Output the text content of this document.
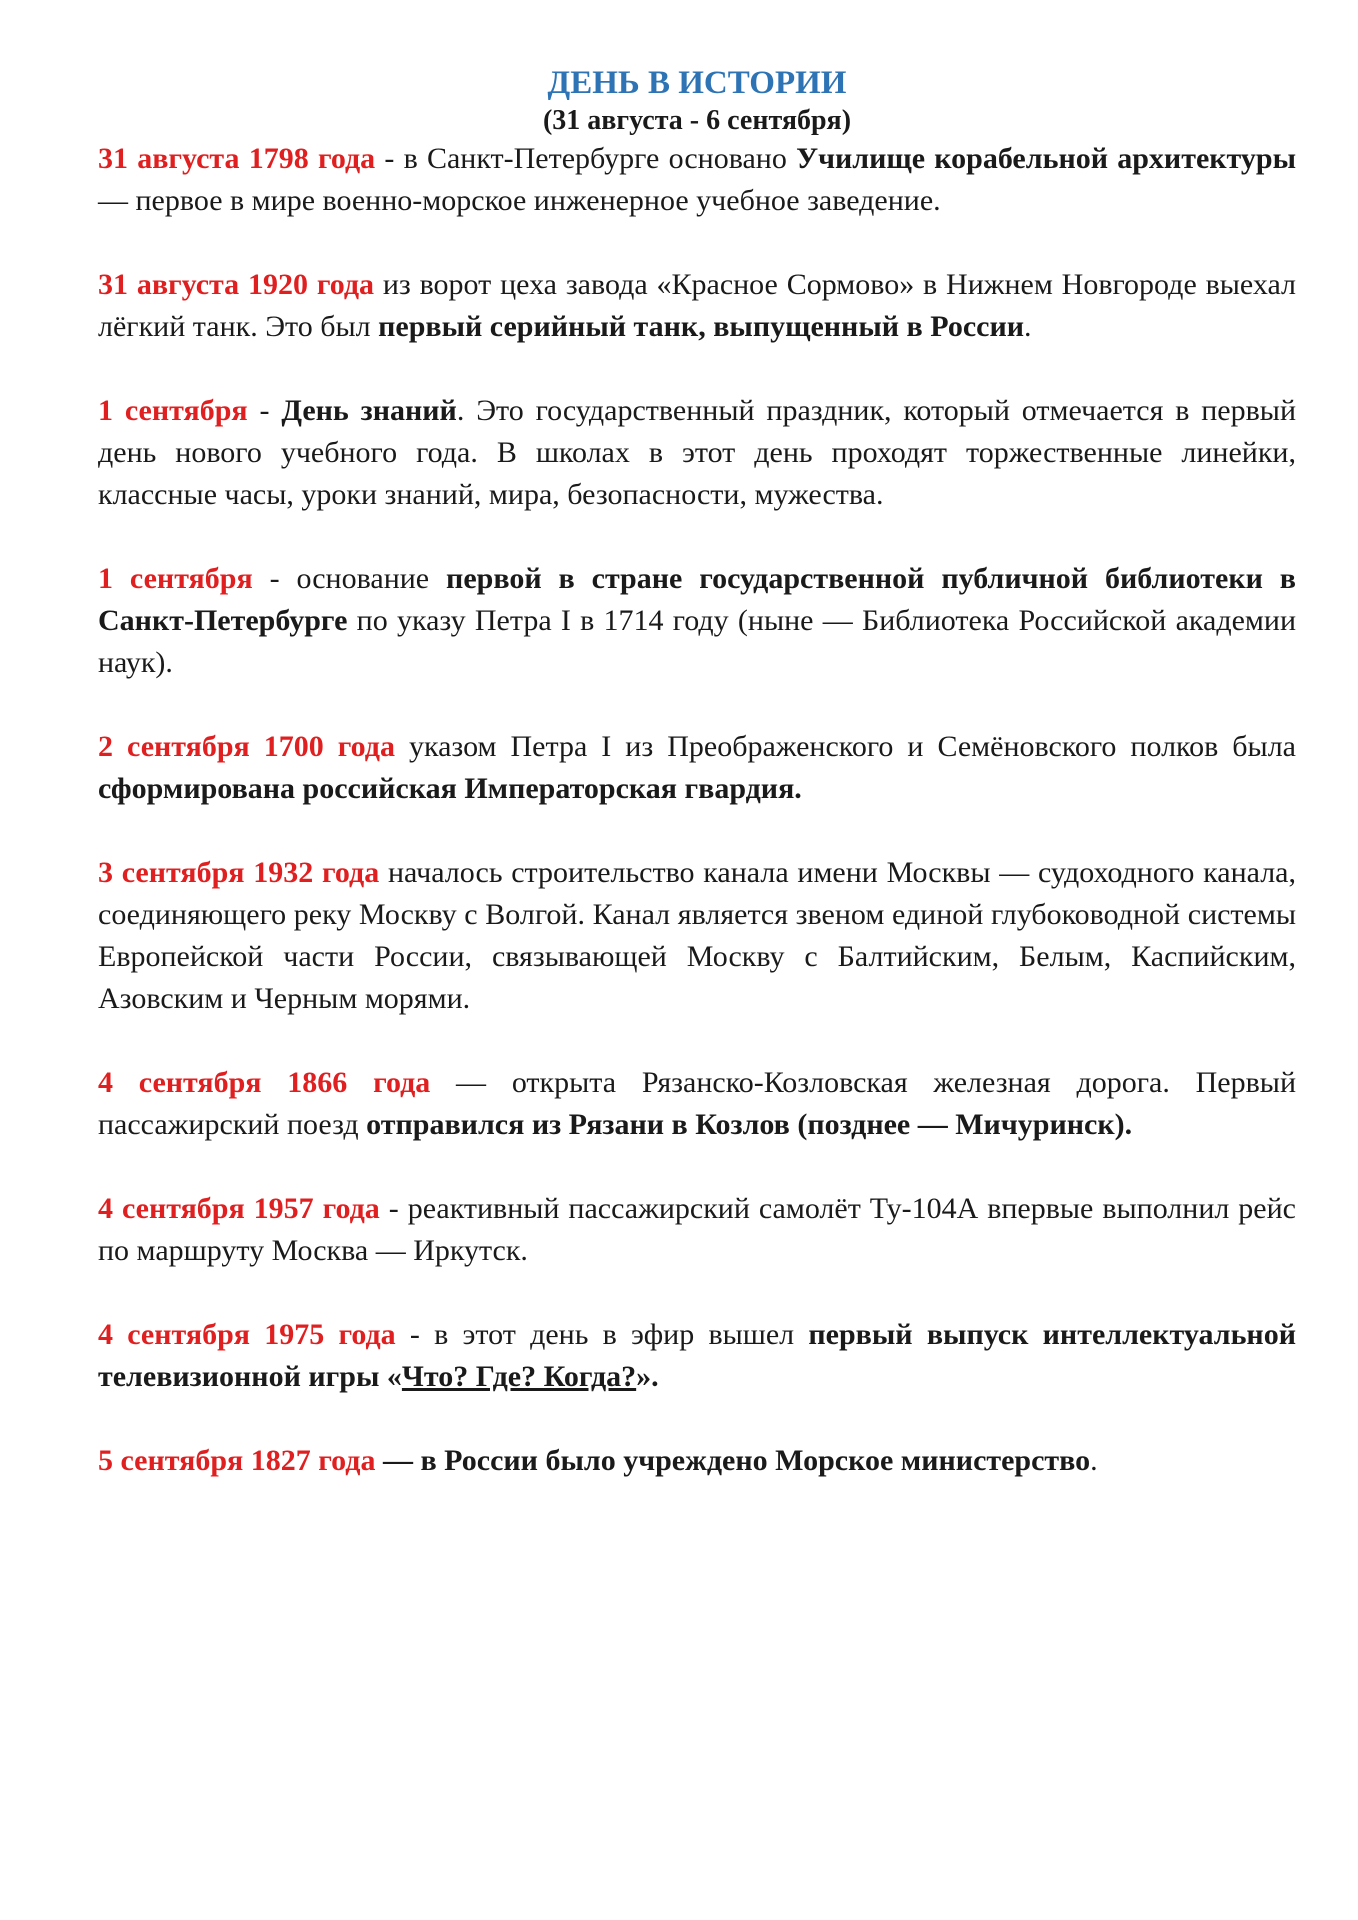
ДЕНЬ В ИСТОРИИ
(31 августа - 6 сентября)

31 августа 1798 года - в Санкт-Петербурге основано Училище корабельной архитектуры — первое в мире военно-морское инженерное учебное заведение.

31 августа 1920 года из ворот цеха завода «Красное Сормово» в Нижнем Новгороде выехал лёгкий танк. Это был первый серийный танк, выпущенный в России.

1 сентября - День знаний. Это государственный праздник, который отмечается в первый день нового учебного года. В школах в этот день проходят торжественные линейки, классные часы, уроки знаний, мира, безопасности, мужества.

1 сентября - основание первой в стране государственной публичной библиотеки в Санкт-Петербурге по указу Петра I в 1714 году (ныне — Библиотека Российской академии наук).

2 сентября 1700 года указом Петра I из Преображенского и Семёновского полков была сформирована российская Императорская гвардия.

3 сентября 1932 года началось строительство канала имени Москвы — судоходного канала, соединяющего реку Москву с Волгой. Канал является звеном единой глубоководной системы Европейской части России, связывающей Москву с Балтийским, Белым, Каспийским, Азовским и Черным морями.

4 сентября 1866 года — открыта Рязанско-Козловская железная дорога. Первый пассажирский поезд отправился из Рязани в Козлов (позднее — Мичуринск).

4 сентября 1957 года - реактивный пассажирский самолёт Ту-104А впервые выполнил рейс по маршруту Москва — Иркутск.

4 сентября 1975 года - в этот день в эфир вышел первый выпуск интеллектуальной телевизионной игры «Что? Где? Когда?».

5 сентября 1827 года — в России было учреждено Морское министерство.
